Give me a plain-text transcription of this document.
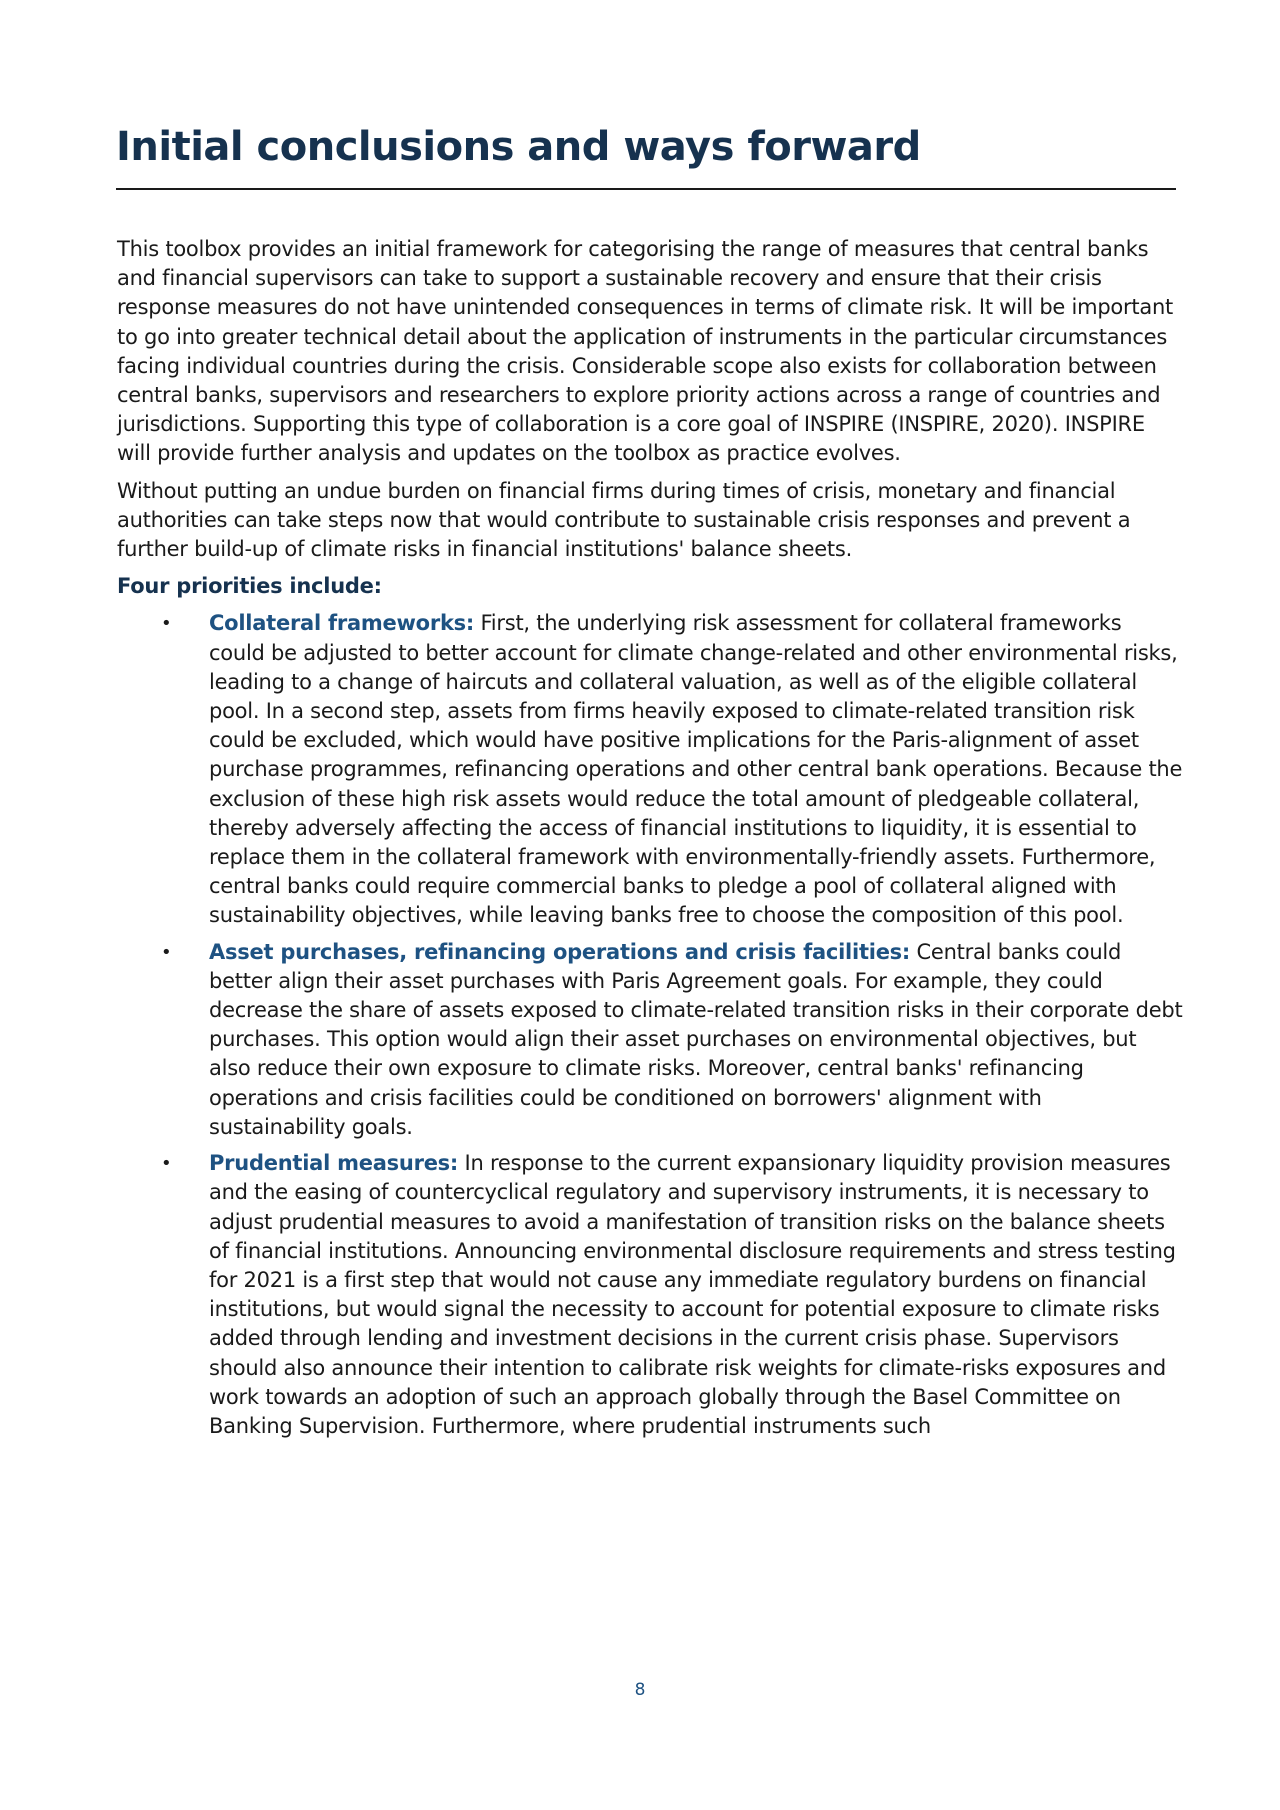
Initial conclusions and ways forward

This toolbox provides an initial framework for categorising the range of measures that central banks and financial supervisors can take to support a sustainable recovery and ensure that their crisis response measures do not have unintended consequences in terms of climate risk. It will be important to go into greater technical detail about the application of instruments in the particular circumstances facing individual countries during the crisis. Considerable scope also exists for collaboration between central banks, supervisors and researchers to explore priority actions across a range of countries and jurisdictions. Supporting this type of collaboration is a core goal of INSPIRE (INSPIRE, 2020). INSPIRE will provide further analysis and updates on the toolbox as practice evolves.

Without putting an undue burden on financial firms during times of crisis, monetary and financial authorities can take steps now that would contribute to sustainable crisis responses and prevent a further build-up of climate risks in financial institutions' balance sheets.

Four priorities include:

• Collateral frameworks: First, the underlying risk assessment for collateral frameworks could be adjusted to better account for climate change-related and other environmental risks, leading to a change of haircuts and collateral valuation, as well as of the eligible collateral pool. In a second step, assets from firms heavily exposed to climate-related transition risk could be excluded, which would have positive implications for the Paris-alignment of asset purchase programmes, refinancing operations and other central bank operations. Because the exclusion of these high risk assets would reduce the total amount of pledgeable collateral, thereby adversely affecting the access of financial institutions to liquidity, it is essential to replace them in the collateral framework with environmentally-friendly assets. Furthermore, central banks could require commercial banks to pledge a pool of collateral aligned with sustainability objectives, while leaving banks free to choose the composition of this pool.
• Asset purchases, refinancing operations and crisis facilities: Central banks could better align their asset purchases with Paris Agreement goals. For example, they could decrease the share of assets exposed to climate-related transition risks in their corporate debt purchases. This option would align their asset purchases on environmental objectives, but also reduce their own exposure to climate risks. Moreover, central banks' refinancing operations and crisis facilities could be conditioned on borrowers' alignment with sustainability goals.
• Prudential measures: In response to the current expansionary liquidity provision measures and the easing of countercyclical regulatory and supervisory instruments, it is necessary to adjust prudential measures to avoid a manifestation of transition risks on the balance sheets of financial institutions. Announcing environmental disclosure requirements and stress testing for 2021 is a first step that would not cause any immediate regulatory burdens on financial institutions, but would signal the necessity to account for potential exposure to climate risks added through lending and investment decisions in the current crisis phase. Supervisors should also announce their intention to calibrate risk weights for climate-risks exposures and work towards an adoption of such an approach globally through the Basel Committee on Banking Supervision. Furthermore, where prudential instruments such
8
